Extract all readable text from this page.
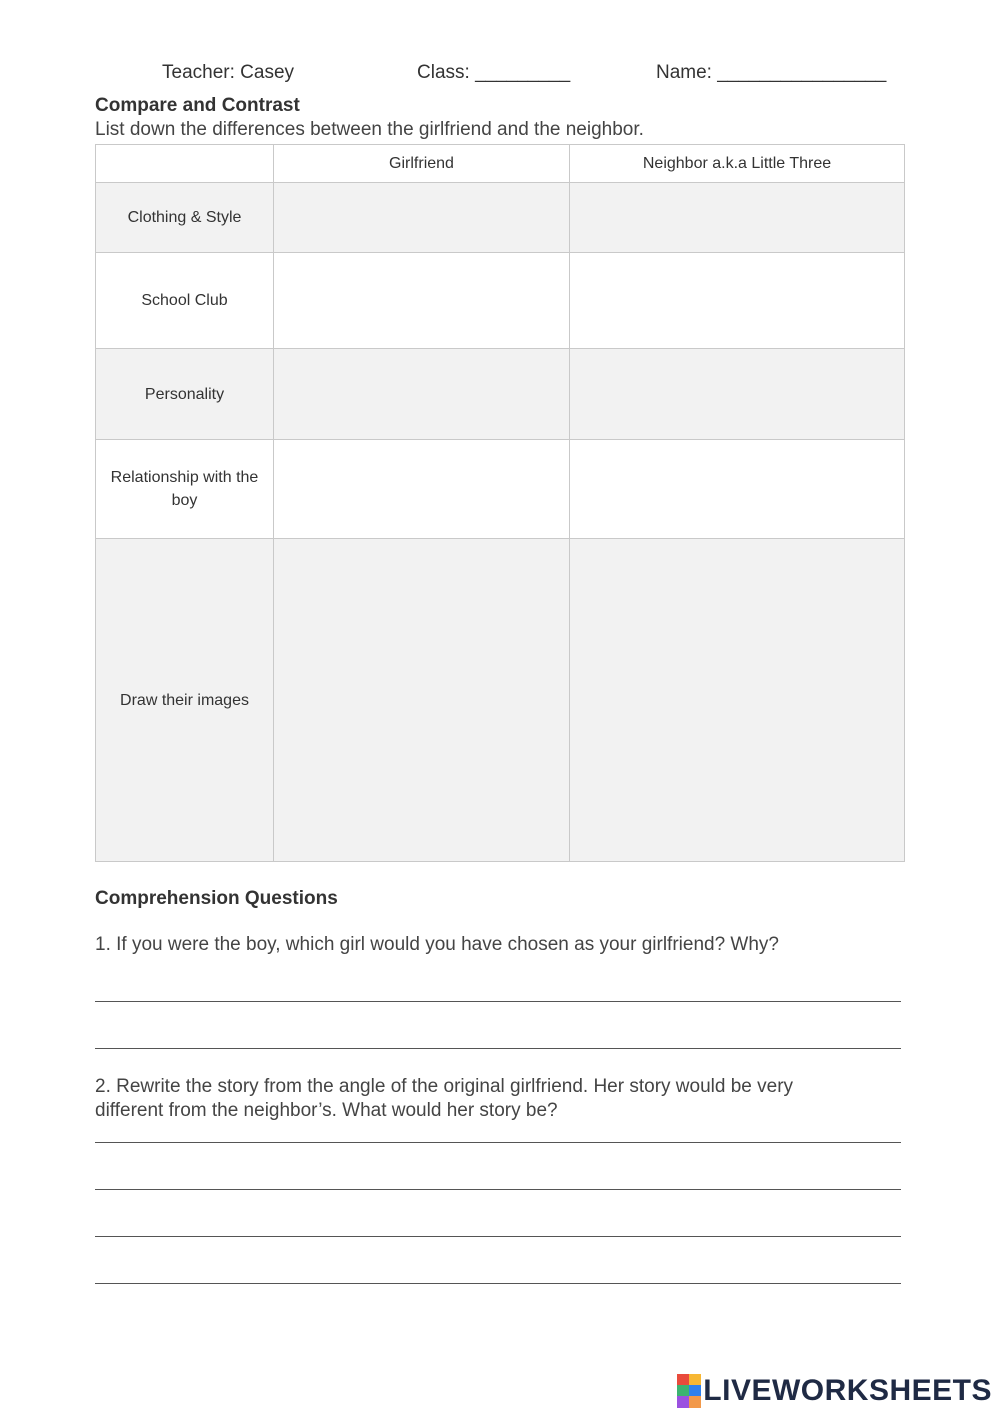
Teacher: Casey	Class: _________	Name: ________________
Compare and Contrast
List down the differences between the girlfriend and the neighbor.
	Girlfriend	Neighbor a.k.a Little Three
Clothing & Style		
School Club		
Personality		
Relationship with the boy		
Draw their images		
Comprehension Questions
1. If you were the boy, which girl would you have chosen as your girlfriend? Why?
2. Rewrite the story from the angle of the original girlfriend. Her story would be very different from the neighbor’s. What would her story be?
LIVEWORKSHEETS
